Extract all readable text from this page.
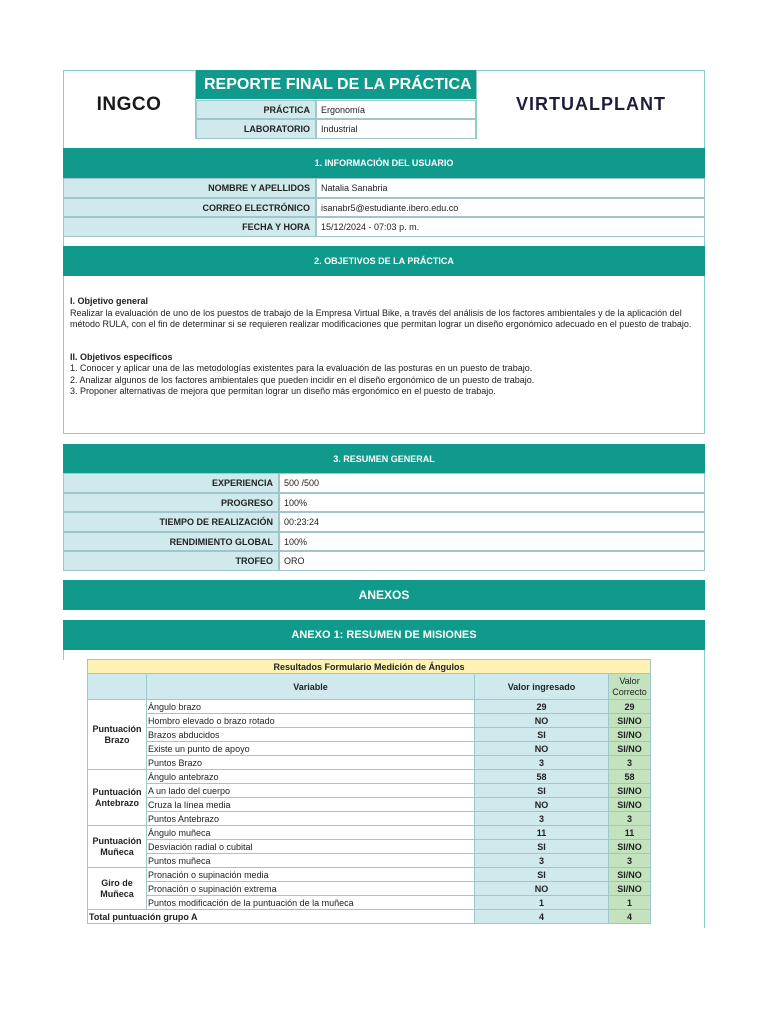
INGCO
REPORTE FINAL DE LA PRÁCTICA
PRÁCTICA	Ergonomía
LABORATORIO	Industrial
VIRTUALPLANT
1. INFORMACIÓN DEL USUARIO
NOMBRE Y APELLIDOS	Natalia Sanabria
CORREO ELECTRÓNICO	isanabr5@estudiante.ibero.edu.co
FECHA Y HORA	15/12/2024 - 07:03 p. m.
2. OBJETIVOS DE LA PRÁCTICA
I. Objetivo general
Realizar la evaluación de uno de los puestos de trabajo de la Empresa Virtual Bike, a través del análisis de los factores ambientales y de la aplicación del método RULA, con el fin de determinar si se requieren realizar modificaciones que permitan lograr un diseño ergonómico adecuado en el puesto de trabajo.
II. Objetivos específicos
1. Conocer y aplicar una de las metodologías existentes para la evaluación de las posturas en un puesto de trabajo.
2. Analizar algunos de los factores ambientales que pueden incidir en el diseño ergonómico de un puesto de trabajo.
3. Proponer alternativas de mejora que permitan lograr un diseño más ergonómico en el puesto de trabajo.
3. RESUMEN GENERAL
EXPERIENCIA	500 /500
PROGRESO	100%
TIEMPO DE REALIZACIÓN	00:23:24
RENDIMIENTO GLOBAL	100%
TROFEO	ORO
ANEXOS
ANEXO 1: RESUMEN DE MISIONES
Resultados Formulario Medición de Ángulos			
	Variable	Valor ingresado	Valor
Correcto

Puntuación
Brazo	Ángulo brazo	29	29
	Hombro elevado o brazo rotado	NO	SI/NO
	Brazos abducidos	SI	SI/NO
	Existe un punto de apoyo	NO	SI/NO
	Puntos Brazo	3	3

Puntuación
Antebrazo	Ángulo antebrazo	58	58
	A un lado del cuerpo	SI	SI/NO
	Cruza la línea media	NO	SI/NO
	Puntos Antebrazo	3	3

Puntuación
Muñeca	Ángulo muñeca	11	11
	Desviación radial o cubital	SI	SI/NO
	Puntos muñeca	3	3

Giro de
Muñeca	Pronación o supinación media	SI	SI/NO
	Pronación o supinación extrema	NO	SI/NO
	Puntos modificación de la puntuación de la muñeca	1	1
Total puntuación grupo A		4	4
